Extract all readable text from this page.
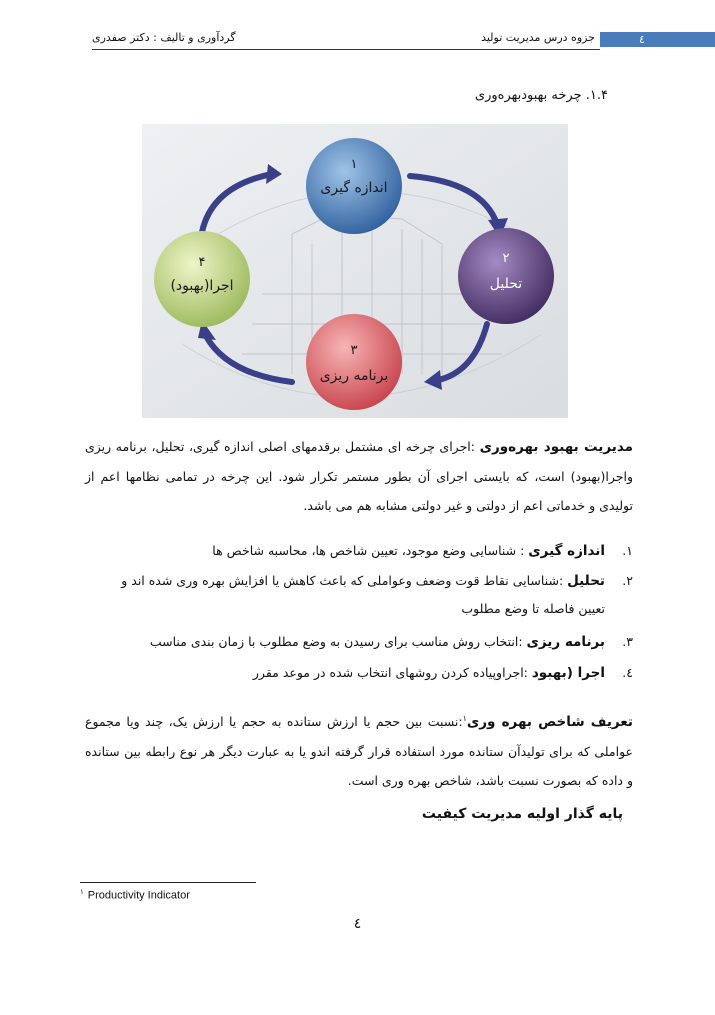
٤
جزوه درس مدیریت تولید
گردآوری و تالیف : دکتر صفدری
۱.۴. چرخه بهبودبهره‌وری
۱
اندازه گیری
۲
تحلیل
۳
برنامه ریزی
۴
اجرا(بهبود)
مدیریت بهبود بهره‌وری :اجرای چرخه ای مشتمل برقدمهای اصلی اندازه گیری، تحلیل، برنامه ریزی واجرا(بهبود) است، که بایستی اجرای آن بطور مستمر تکرار شود. این چرخه در تمامی نظامها اعم از تولیدی و خدماتی اعم از دولتی و غیر دولتی مشابه هم می باشد.
١.اندازه گیری : شناسایی وضع موجود، تعیین شاخص ها، محاسبه شاخص ها
٢.تحلیل :شناسایی نقاط قوت وضعف وعواملی که باعث کاهش یا افزایش بهره وری شده اند و
تعیین فاصله تا وضع مطلوب
٣.برنامه ریزی :انتخاب روش مناسب برای رسیدن به وضع مطلوب با زمان بندی مناسب
٤.اجرا (بهبود :اجراوپیاده کردن روشهای انتخاب شده در موعد مقرر
تعریف شاخص بهره وری$^١$:نسبت بین حجم یا ارزش ستانده به حجم یا ارزش یک، چند ویا مجموع عواملی که برای تولیدآن ستانده مورد استفاده قرار گرفته اندو یا به عبارت دیگر هر نوع رابطه بین ستانده و داده که بصورت نسبت باشد، شاخص بهره وری است.
پایه گذار اولیه مدیریت کیفیت
$^١$ Productivity Indicator
٤
